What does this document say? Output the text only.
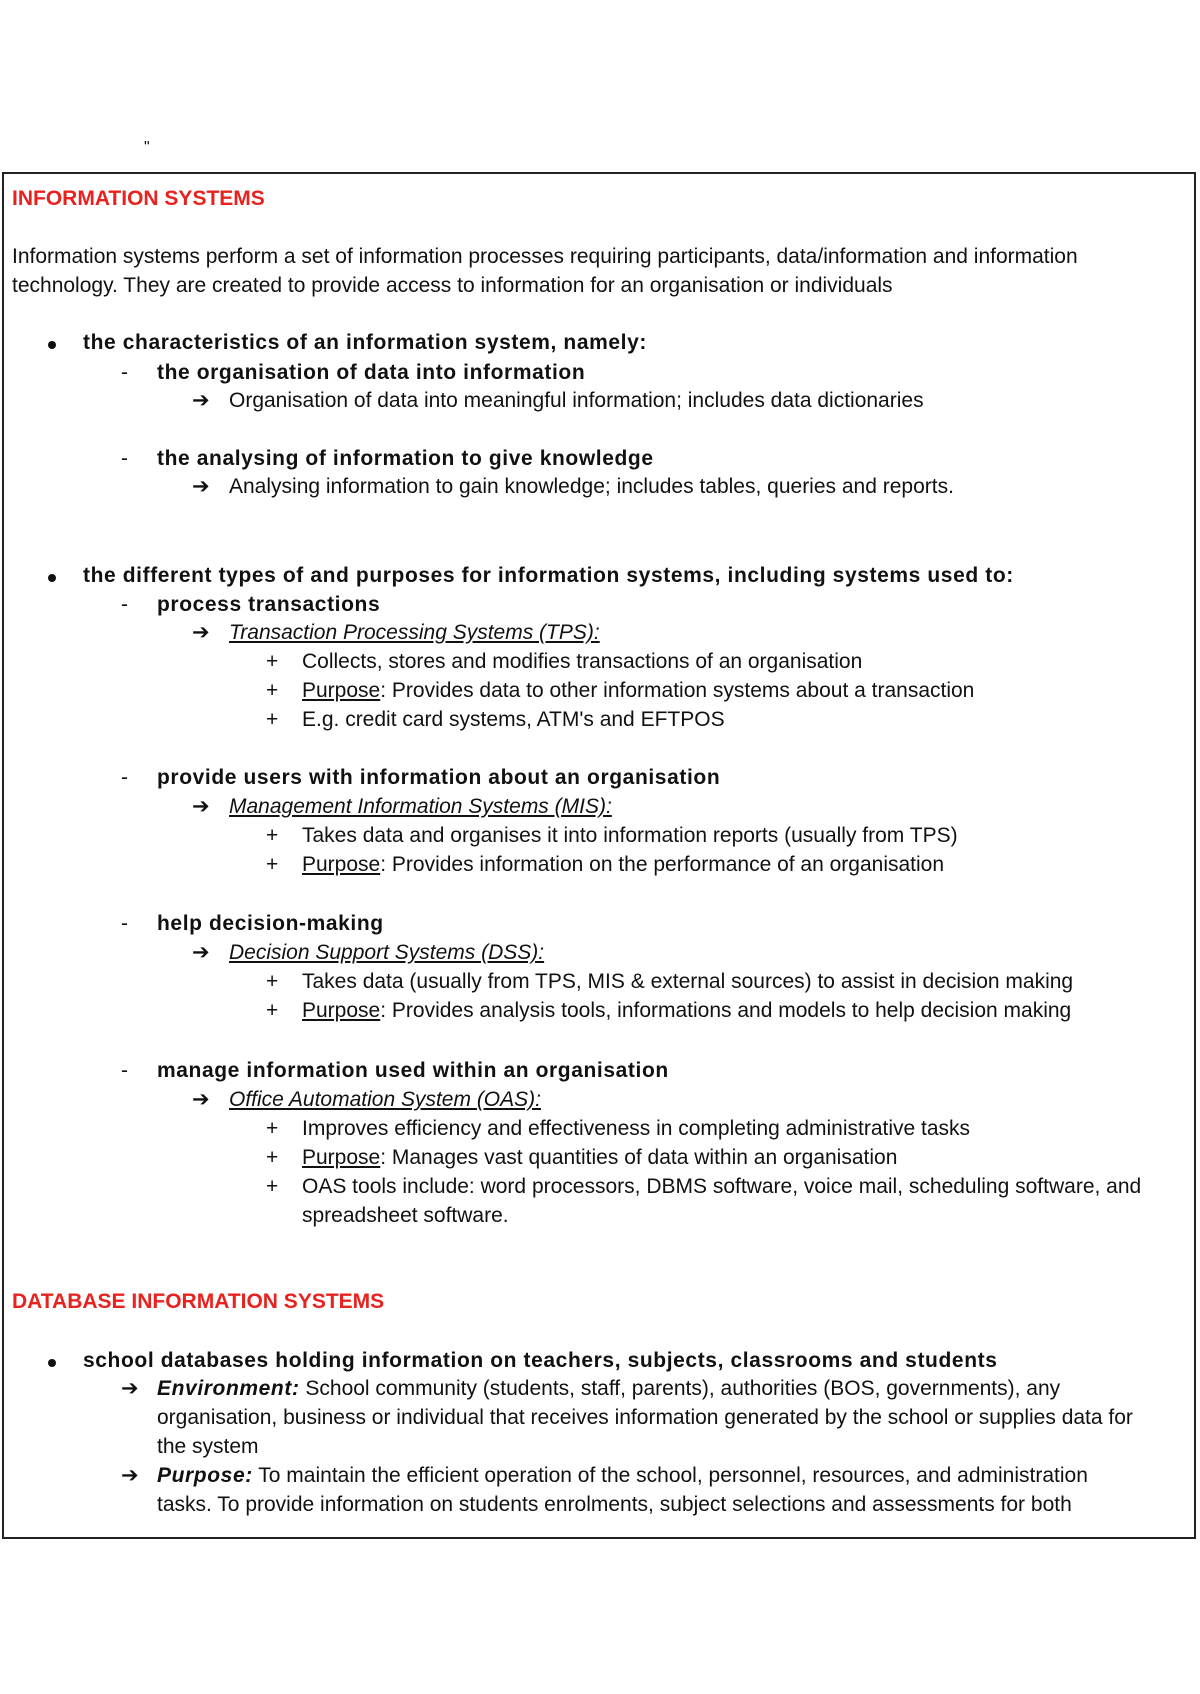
"
INFORMATION SYSTEMS
Information systems perform a set of information processes requiring participants, data/information and information
technology. They are created to provide access to information for an organisation or individuals
the characteristics of an information system, namely:
- the organisation of data into information
➔ Organisation of data into meaningful information; includes data dictionaries
- the analysing of information to give knowledge
➔ Analysing information to gain knowledge; includes tables, queries and reports.
the different types of and purposes for information systems, including systems used to:
- process transactions
➔ Transaction Processing Systems (TPS):
+ Collects, stores and modifies transactions of an organisation
+ Purpose: Provides data to other information systems about a transaction
+ E.g. credit card systems, ATM's and EFTPOS
- provide users with information about an organisation
➔ Management Information Systems (MIS):
+ Takes data and organises it into information reports (usually from TPS)
+ Purpose: Provides information on the performance of an organisation
- help decision-making
➔ Decision Support Systems (DSS):
+ Takes data (usually from TPS, MIS & external sources) to assist in decision making
+ Purpose: Provides analysis tools, informations and models to help decision making
- manage information used within an organisation
➔ Office Automation System (OAS):
+ Improves efficiency and effectiveness in completing administrative tasks
+ Purpose: Manages vast quantities of data within an organisation
+ OAS tools include: word processors, DBMS software, voice mail, scheduling software, and
spreadsheet software.
DATABASE INFORMATION SYSTEMS
school databases holding information on teachers, subjects, classrooms and students
➔ Environment: School community (students, staff, parents), authorities (BOS, governments), any
organisation, business or individual that receives information generated by the school or supplies data for
the system
➔ Purpose: To maintain the efficient operation of the school, personnel, resources, and administration
tasks. To provide information on students enrolments, subject selections and assessments for both
